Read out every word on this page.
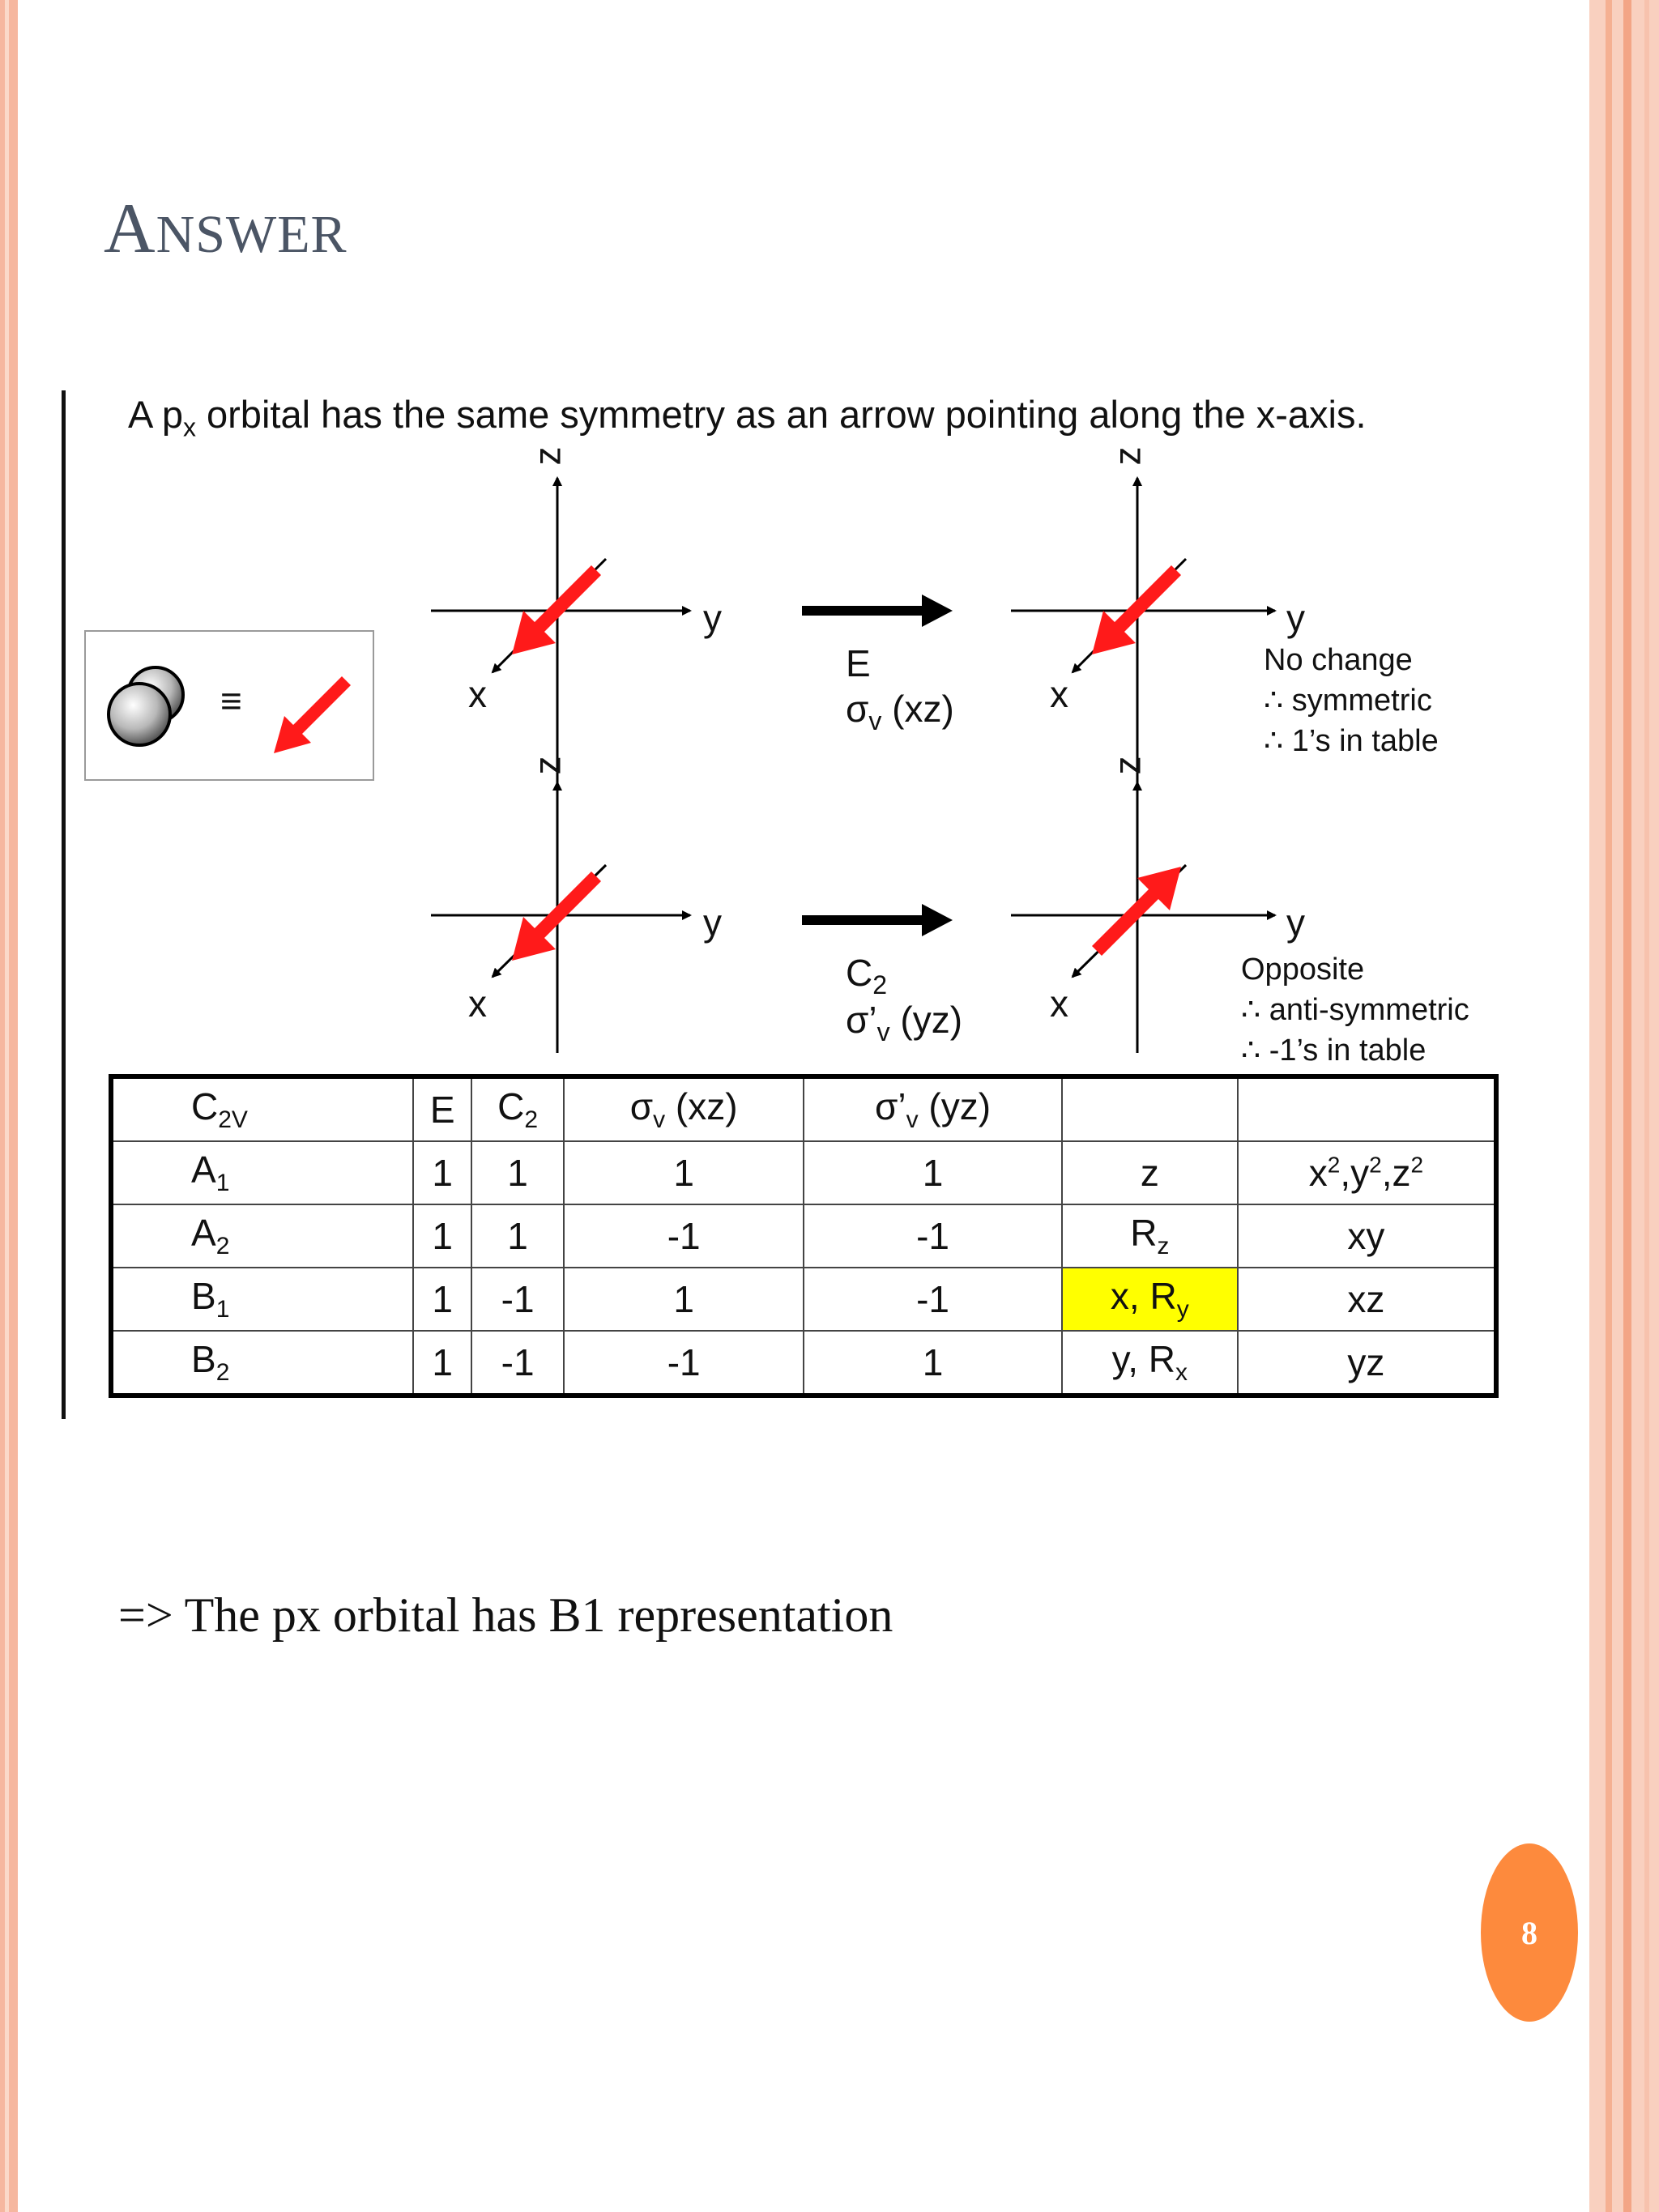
ANSWER
A $p_x$ orbital has the same symmetry as an arrow pointing along the x-axis.
≡
z
y
x
z
y
x
z
y
x
z
y
x
E
$\sigma_v$ (xz)
$C_2$
$\sigma’_v$ (yz)
No change
∴ symmetric
∴ 1’s in table
Opposite
∴ anti-symmetric
∴ -1’s in table
$C_{2V}$	E	$C_2$	$\sigma_v$ (xz)	$\sigma’_v$ (yz)		
$A_1$	1	1	1	1	z	$x^2,y^2,z^2$
$A_2$	1	1	-1	-1	$R_z$	xy
$B_1$	1	-1	1	-1	x, $R_y$	xz
$B_2$	1	-1	-1	1	y, $R_x$	yz
=> The px orbital has B1 representation
8
